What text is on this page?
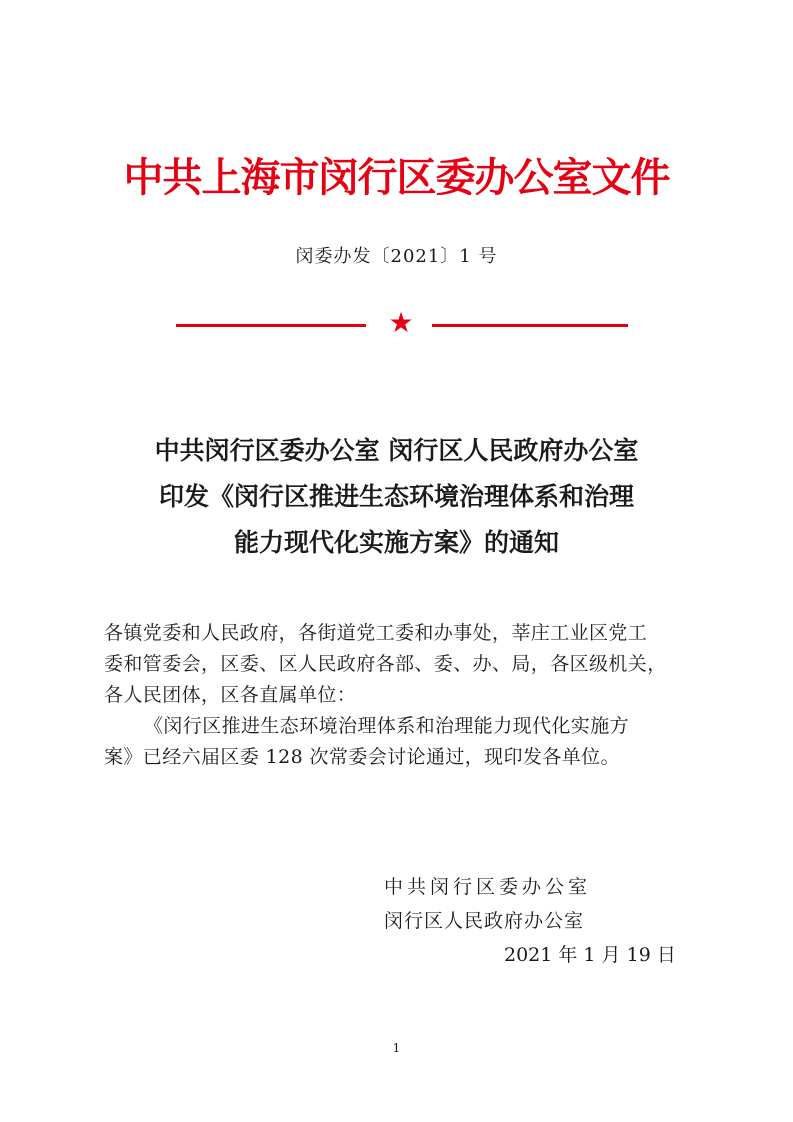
中共上海市闵行区委办公室文件
闵委办发〔2021〕1 号
★
中共闵行区委办公室 闵行区人民政府办公室
印发《闵行区推进生态环境治理体系和治理
能力现代化实施方案》的通知
各镇党委和人民政府，各街道党工委和办事处，莘庄工业区党工
委和管委会，区委、区人民政府各部、委、办、局，各区级机关，
各人民团体，区各直属单位：
《闵行区推进生态环境治理体系和治理能力现代化实施方
案》已经六届区委 128 次常委会讨论通过，现印发各单位。
中共闵行区委办公室
闵行区人民政府办公室
2021 年 1 月 19 日
1
